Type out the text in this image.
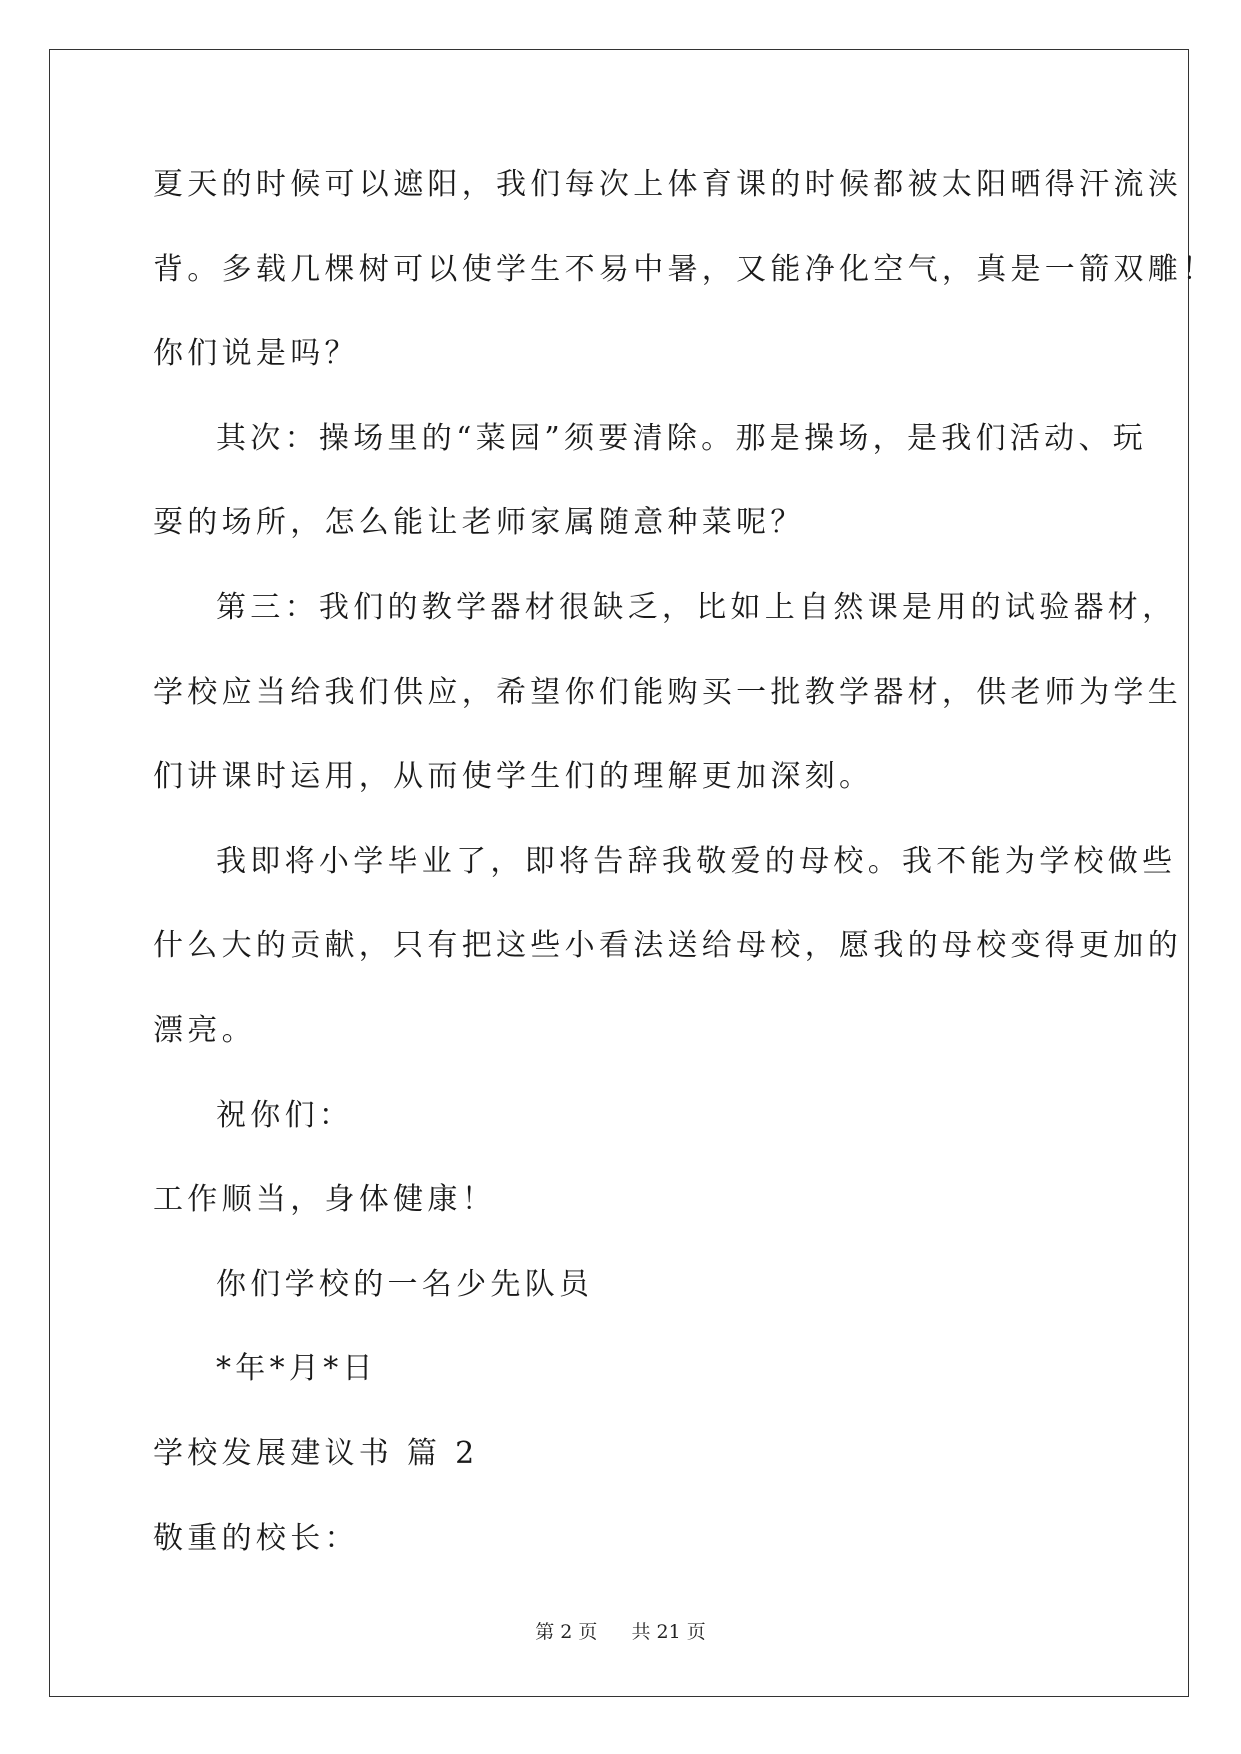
夏天的时候可以遮阳，我们每次上体育课的时候都被太阳晒得汗流浃
背。多载几棵树可以使学生不易中暑，又能净化空气，真是一箭双雕！
你们说是吗？
其次：操场里的“菜园”须要清除。那是操场，是我们活动、玩
耍的场所，怎么能让老师家属随意种菜呢？
第三：我们的教学器材很缺乏，比如上自然课是用的试验器材，
学校应当给我们供应，希望你们能购买一批教学器材，供老师为学生
们讲课时运用，从而使学生们的理解更加深刻。
我即将小学毕业了，即将告辞我敬爱的母校。我不能为学校做些
什么大的贡献，只有把这些小看法送给母校，愿我的母校变得更加的
漂亮。
祝你们：
工作顺当，身体健康！
你们学校的一名少先队员
*年*月*日
学校发展建议书 篇 2
敬重的校长：
第 2 页 共 21 页
